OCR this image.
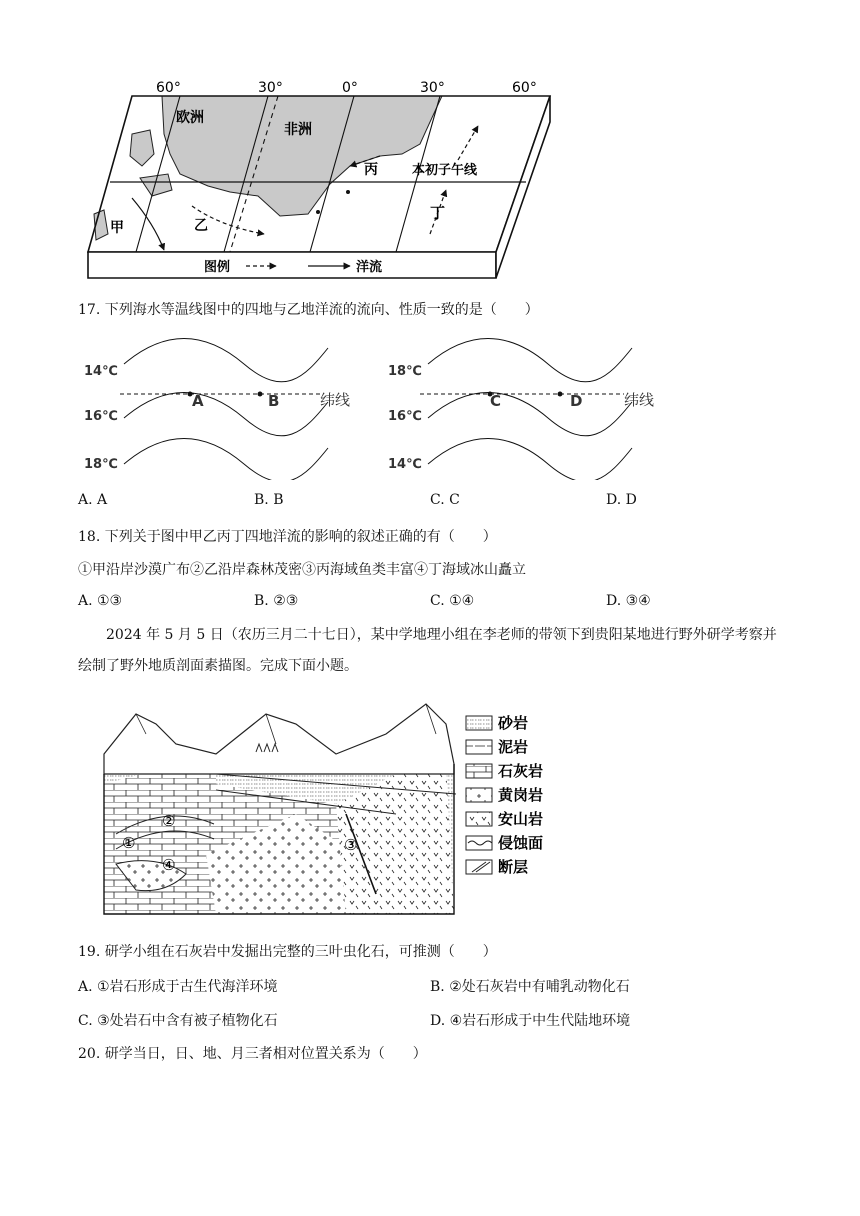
60°	30°	0°	30°	60°
欧洲
非洲
丙	本初子午线
丁
甲	乙
图例	洋流
17. 下列海水等温线图中的四地与乙地洋流的流向、性质一致的是（　　）
14℃
16℃
18℃
A	B	纬线
18℃
16℃
14℃
C	D	纬线
A. A	B. B	C. C	D. D
18. 下列关于图中甲乙丙丁四地洋流的影响的叙述正确的有（　　）
①甲沿岸沙漠广布②乙沿岸森林茂密③丙海域鱼类丰富④丁海域冰山矗立
A. ①③	B. ②③	C. ①④	D. ③④
2024 年 5 月 5 日（农历三月二十七日），某中学地理小组在李老师的带领下到贵阳某地进行野外研学考察并绘制了野外地质剖面素描图。完成下面小题。
①
②
③
④
砂岩
泥岩
石灰岩
黄岗岩
安山岩
侵蚀面
断层
19. 研学小组在石灰岩中发掘出完整的三叶虫化石，可推测（　　）
A. ①岩石形成于古生代海洋环境	B. ②处石灰岩中有哺乳动物化石
C. ③处岩石中含有被子植物化石	D. ④岩石形成于中生代陆地环境
20. 研学当日，日、地、月三者相对位置关系为（　　）
